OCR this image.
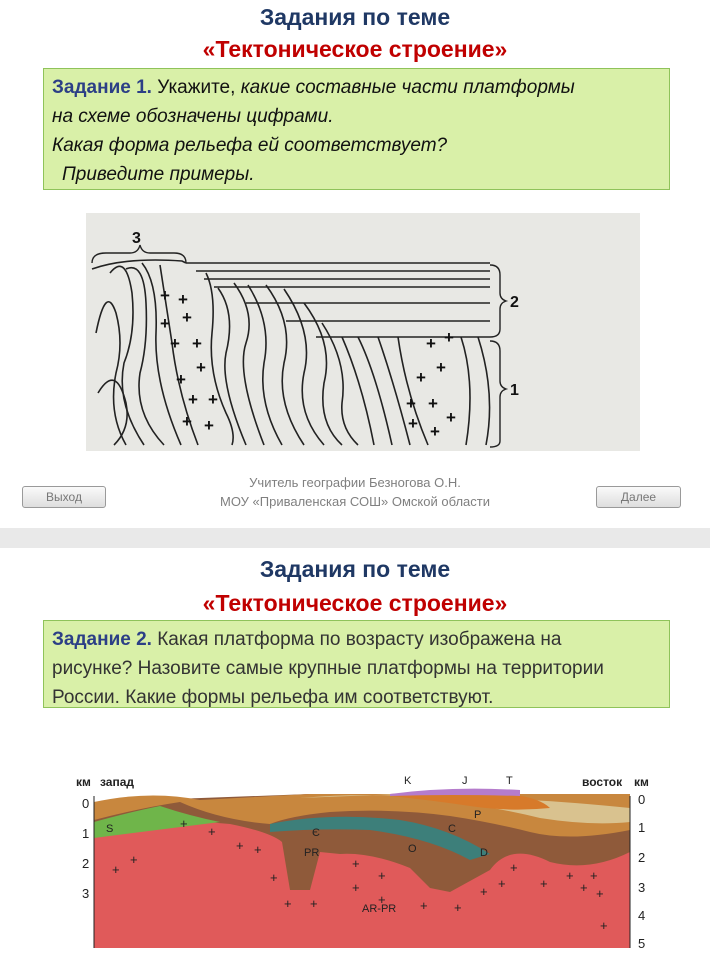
Задания по теме
«Тектоническое строение»
Задание 1. Укажите, какие составные части платформы
на схеме обозначены цифрами.
Какая форма рельефа ей соответствует?
Приведите примеры.
+ +
+ +
+ +
+
+
+ +
+ +
+ +
+
+
+ +
+ +
+
3
2
1
Учитель географии Безногова О.Н.
МОУ «Приваленская СОШ» Омской области
Выход	Далее
Задания по теме
«Тектоническое строение»
Задание 2. Какая платформа по возрасту изображена на
рисунке? Назовите самые крупные платформы на территории
России. Какие формы рельефа им соответствуют.
+
+
+ +
+
+
+
+ +
+
+
+
+	+ +
+
+
+
+
+
+
+
+
+
км запад	восток км
0
1
2
3
0
1
2
3
4
5
K	J	T
P
C
S	Є
PR	O	D
AR-PR
